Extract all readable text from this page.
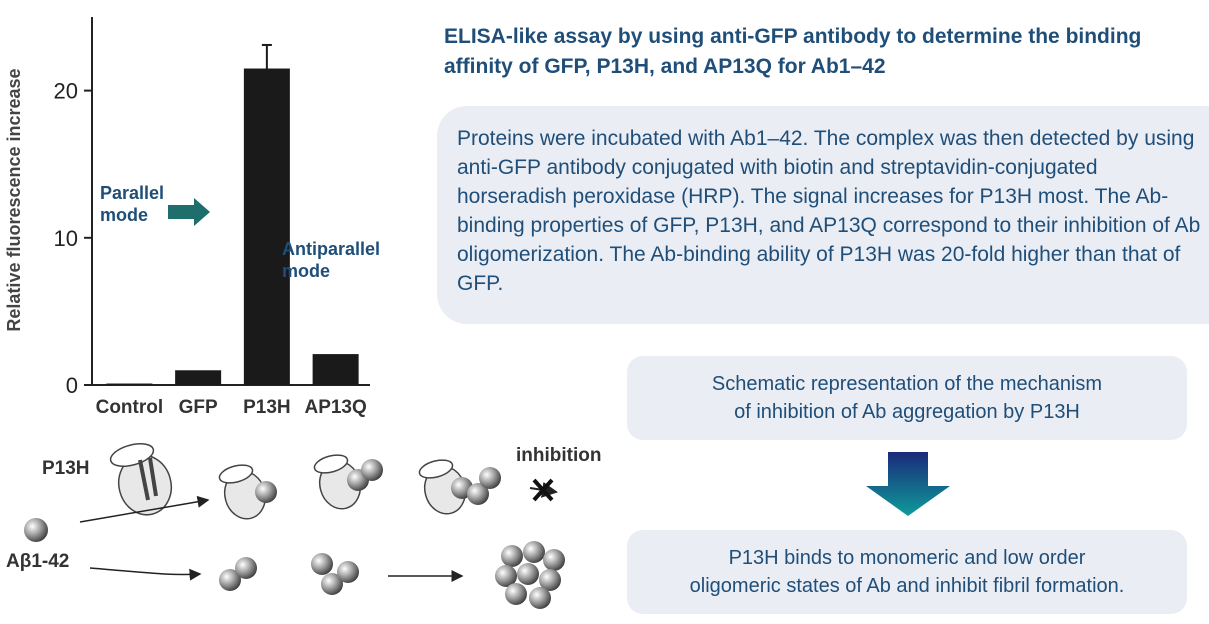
0
10
20
Control GFP P13H AP13Q
Relative fluorescence increase	Parallel
mode
Antiparallel
mode
ELISA-like assay by using anti-GFP antibody to determine the binding affinity of GFP, P13H, and AP13Q for Ab1–42
Proteins were incubated with Ab1–42. The complex was then detected by using anti-GFP antibody conjugated with biotin and streptavidin-conjugated horseradish peroxidase (HRP). The signal increases for P13H most. The Ab-binding properties of GFP, P13H, and AP13Q correspond to their inhibition of Ab oligomerization. The Ab-binding ability of P13H was 20-fold higher than that of GFP.
Schematic representation of the mechanism
of inhibition of Ab aggregation by P13H
P13H binds to monomeric and low order
oligomeric states of Ab and inhibit fibril formation.
P13H
Aβ1-42
inhibition
